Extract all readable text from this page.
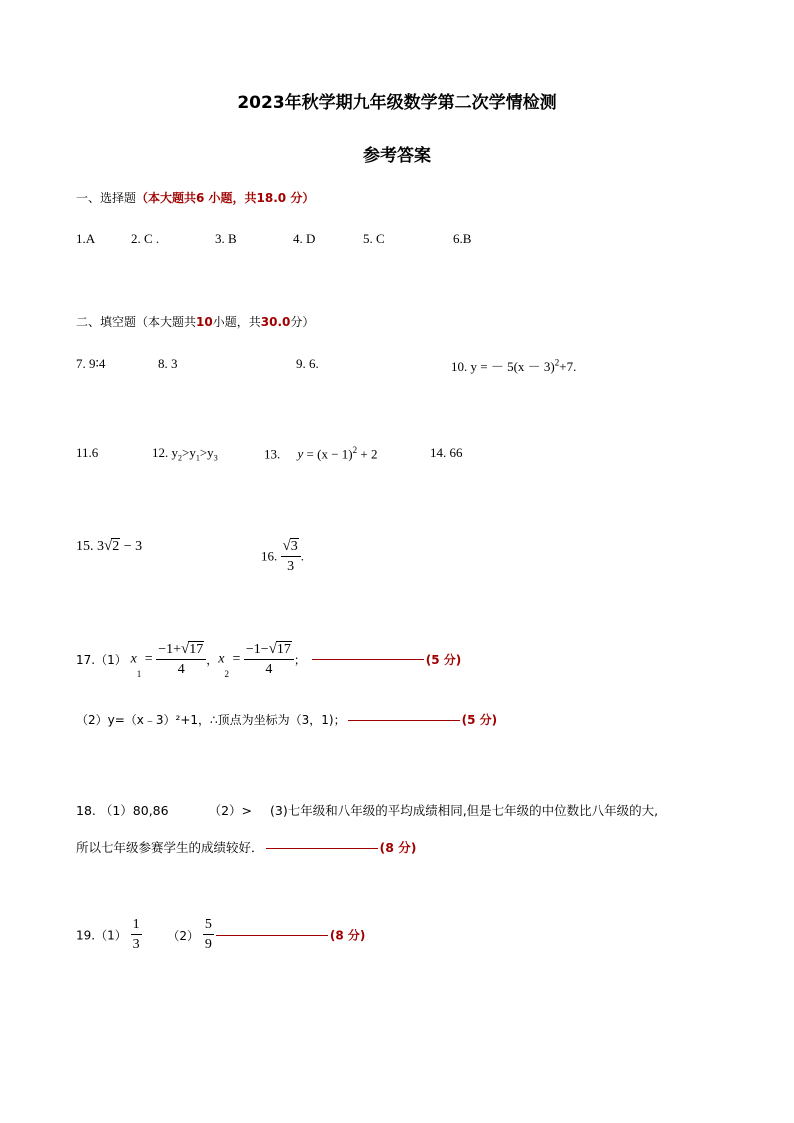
2023年秋学期九年级数学第二次学情检测
参考答案
一、选择题（本大题共6 小题，共18.0 分）
1.A	2. C .	3. B	4. D	5. C	6.B
二、填空题（本大题共10小题，共30.0分）
7. 9∶4	8. 3	9. 6.	10. y = － $5(x - 3)^2+7$.
11.6	12. $y_2>y_1>y_3$	13. $y = (x - 1)^2 + 2$	14. 66
15. 3√2 − 3
16. $\frac{√3}{3}$ .
17.（1） $x_1 = \frac{-1+√17}{4}$ ，$x_2 = \frac{-1-√17}{4}$ ；	(5 分)
（2）y=（x﹣3）²+1，∴顶点为坐标为（3，1)；	(5 分)
18. （1）80,86	（2）> (3)七年级和八年级的平均成绩相同,但是七年级的中位数比八年级的大,
所以七年级参赛学生的成绩较好．	(8 分)
$19.(1) \frac{1}{3} (2) \frac{5}{9}$	(8 分)
